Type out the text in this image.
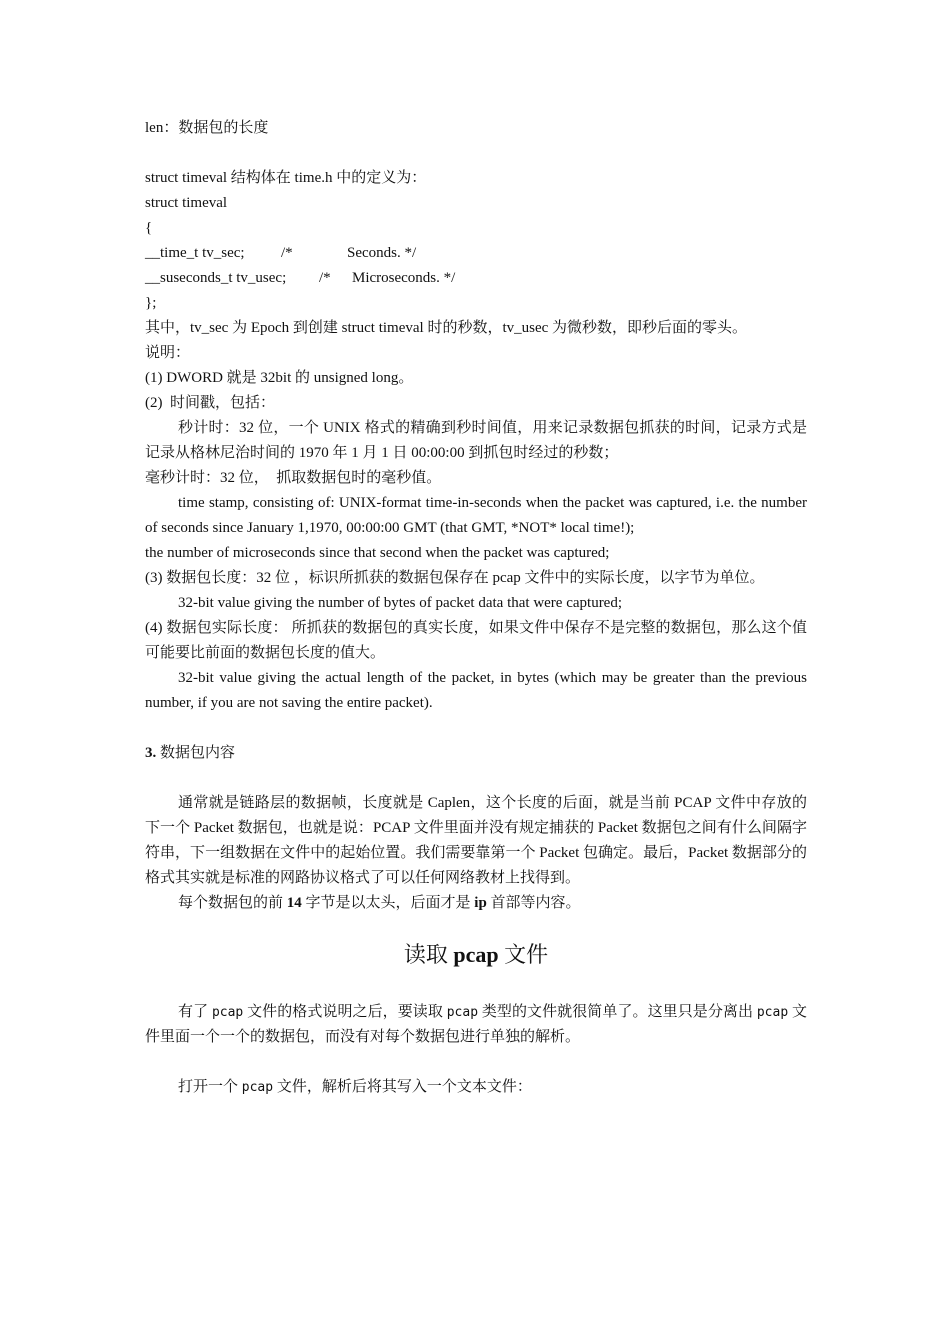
len：数据包的长度
struct timeval 结构体在 time.h 中的定义为：
struct timeval
{
__time_t tv_sec; /*	Seconds. */
__suseconds_t tv_usec; /* Microseconds. */
};
其中，tv_sec 为 Epoch 到创建 struct timeval 时的秒数，tv_usec 为微秒数，即秒后面的零头。
说明：
(1) DWORD 就是 32bit 的 unsigned long。
(2)  时间戳，包括：
秒计时：32 位，一个 UNIX 格式的精确到秒时间值，用来记录数据包抓获的时间，记录方式是记录从格林尼治时间的 1970 年 1 月 1 日 00:00:00 到抓包时经过的秒数；
毫秒计时：32 位，  抓取数据包时的毫秒值。
time stamp, consisting of: UNIX-format time-in-seconds when the packet was captured, i.e. the number of seconds since January 1,1970, 00:00:00 GMT (that GMT, *NOT* local time!);
the number of microseconds since that second when the packet was captured;
(3) 数据包长度：32 位 ，标识所抓获的数据包保存在 pcap 文件中的实际长度，以字节为单位。
32-bit value giving the number of bytes of packet data that were captured;
(4) 数据包实际长度： 所抓获的数据包的真实长度，如果文件中保存不是完整的数据包，那么这个值可能要比前面的数据包长度的值大。
32-bit value giving the actual length of the packet, in bytes (which may be greater than the previous number, if you are not saving the entire packet).
3. 数据包内容
通常就是链路层的数据帧，长度就是 Caplen，这个长度的后面，就是当前 PCAP 文件中存放的下一个 Packet 数据包，也就是说：PCAP 文件里面并没有规定捕获的 Packet 数据包之间有什么间隔字符串，下一组数据在文件中的起始位置。我们需要靠第一个 Packet 包确定。最后，Packet 数据部分的格式其实就是标准的网路协议格式了可以任何网络教材上找得到。
每个数据包的前 14 字节是以太头，后面才是 ip 首部等内容。
读取 pcap 文件
有了 pcap 文件的格式说明之后，要读取 pcap 类型的文件就很简单了。这里只是分离出 pcap 文件里面一个一个的数据包，而没有对每个数据包进行单独的解析。
打开一个 pcap 文件，解析后将其写入一个文本文件：
